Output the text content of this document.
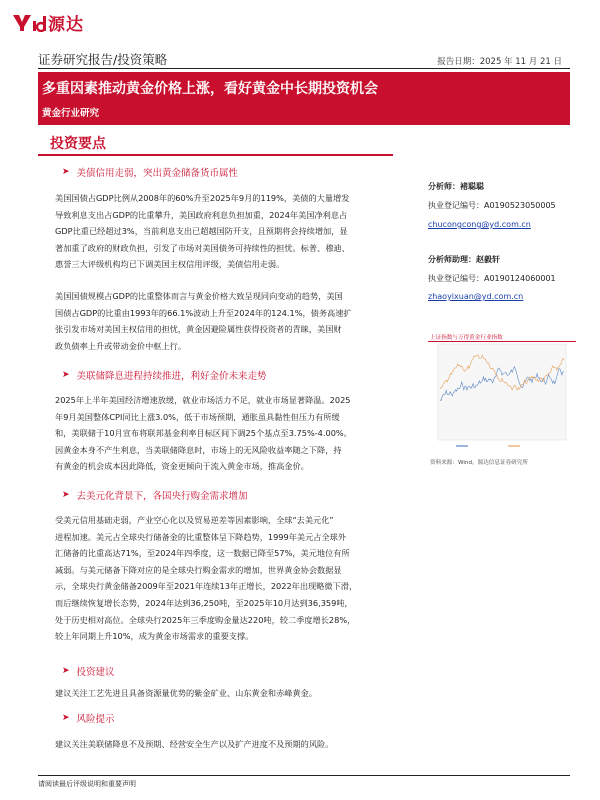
源达
证券研究报告/投资策略	报告日期：2025 年 11 月 21 日
多重因素推动黄金价格上涨，看好黄金中长期投资机会
黄金行业研究
投资要点
➤ 美债信用走弱，突出黄金储备货币属性
美国国债占GDP比例从2008年的60%升至2025年9月的119%，美债的大量增发
导致利息支出占GDP的比重攀升，美国政府利息负担加重，2024年美国净利息占
GDP比重已经超过3%，当前利息支出已超越国防开支，且预期将会持续增加，显
著加重了政府的财政负担，引发了市场对美国债务可持续性的担忧。标普、穆迪、
惠誉三大评级机构均已下调美国主权信用评级，美债信用走弱。
美国国债规模占GDP的比重整体而言与黄金价格大致呈现同向变动的趋势，美国
国债占GDP的比重由1993年的66.1%波动上升至2024年的124.1%，债务高速扩
张引发市场对美国主权信用的担忧，黄金因避险属性获得投资者的青睐，美国财
政负债率上升或带动金价中枢上行。
➤ 美联储降息进程持续推进，利好金价未来走势
2025年上半年美国经济增速放缓，就业市场活力不足，就业市场显著降温。2025
年9月美国整体CPI同比上涨3.0%，低于市场预期，通胀虽具黏性但压力有所缓
和，美联储于10月宣布将联邦基金利率目标区间下调25个基点至3.75%-4.00%。
因黄金本身不产生利息，当美联储降息时，市场上的无风险收益率随之下降，持
有黄金的机会成本因此降低，资金更倾向于流入黄金市场，推高金价。
➤ 去美元化背景下，各国央行购金需求增加
受美元信用基础走弱，产业空心化以及贸易逆差等因素影响，全球“去美元化”
进程加速。美元占全球央行储备金的比重整体呈下降趋势，1999年美元占全球外
汇储备的比重高达71%，至2024年四季度，这一数据已降至57%，美元地位有所
减弱。与美元储备下降对应的是全球央行购金需求的增加，世界黄金协会数据显
示，全球央行黄金储备2009年至2021年连续13年正增长，2022年出现略微下滑，
而后继续恢复增长态势，2024年达到36,250吨，至2025年10月达到36,359吨，
处于历史相对高位。全球央行2025年三季度购金量达220吨，较二季度增长28%，
较上年同期上升10%，成为黄金市场需求的重要支撑。
➤ 投资建议
建议关注工艺先进且具备资源量优势的紫金矿业、山东黄金和赤峰黄金。
➤ 风险提示
建议关注美联储降息不及预期、经营安全生产以及扩产进度不及预期的风险。
分析师：褚聪聪
执业登记编号：A0190523050005
chucongcong@yd.com.cn
分析师助理：赵毅轩
执业登记编号：A0190124060001
zhaoyixuan@yd.com.cn
上证指数与万得黄金行业指数
资料来源：Wind，源达信息证券研究所
请阅读最后评级说明和重要声明
